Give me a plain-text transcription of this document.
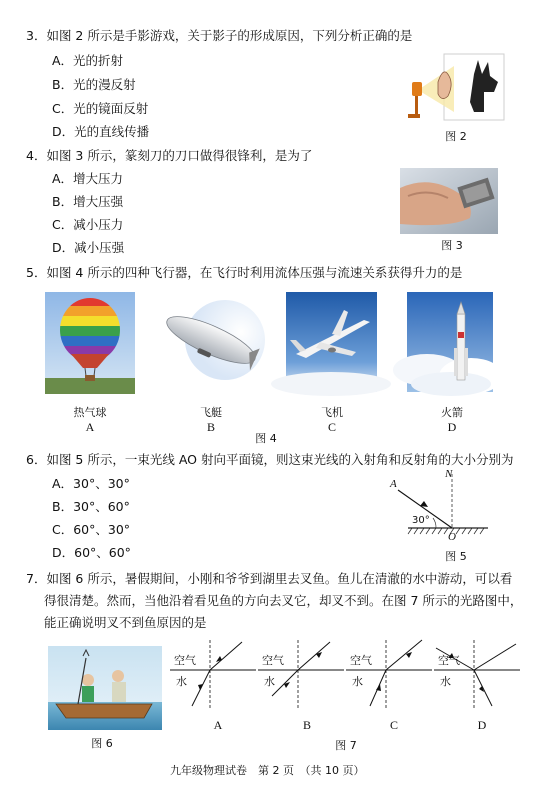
3．如图 2 所示是手影游戏，关于影子的形成原因，下列分析正确的是
A．光的折射
B．光的漫反射
C．光的镜面反射
D．光的直线传播	图 2
4．如图 3 所示，篆刻刀的刀口做得很锋利，是为了
A．增大压力
B．增大压强
C．减小压力
D．减小压强	图 3
5．如图 4 所示的四种飞行器，在飞行时利用流体压强与流速关系获得升力的是
热气球	飞艇	飞机	火箭
A	B	C	D
图 4
6．如图 5 所示，一束光线 AO 射向平面镜，则这束光线的入射角和反射角的大小分别为
A．30°、30°
B．30°、60°
C．60°、30°
D．60°、60°
N
A
O
30°
图 5
7．如图 6 所示，暑假期间，小刚和爷爷到湖里去叉鱼。鱼儿在清澈的水中游动，可以看
得很清楚。然而，当他沿着看见鱼的方向去叉它，却叉不到。在图 7 所示的光路图中，
能正确说明叉不到鱼原因的是
图 6
空气
水
空气
水
空气
水
空气
水
A	B	C	D
图 7
九年级物理试卷　第 2 页　（共 10 页）
